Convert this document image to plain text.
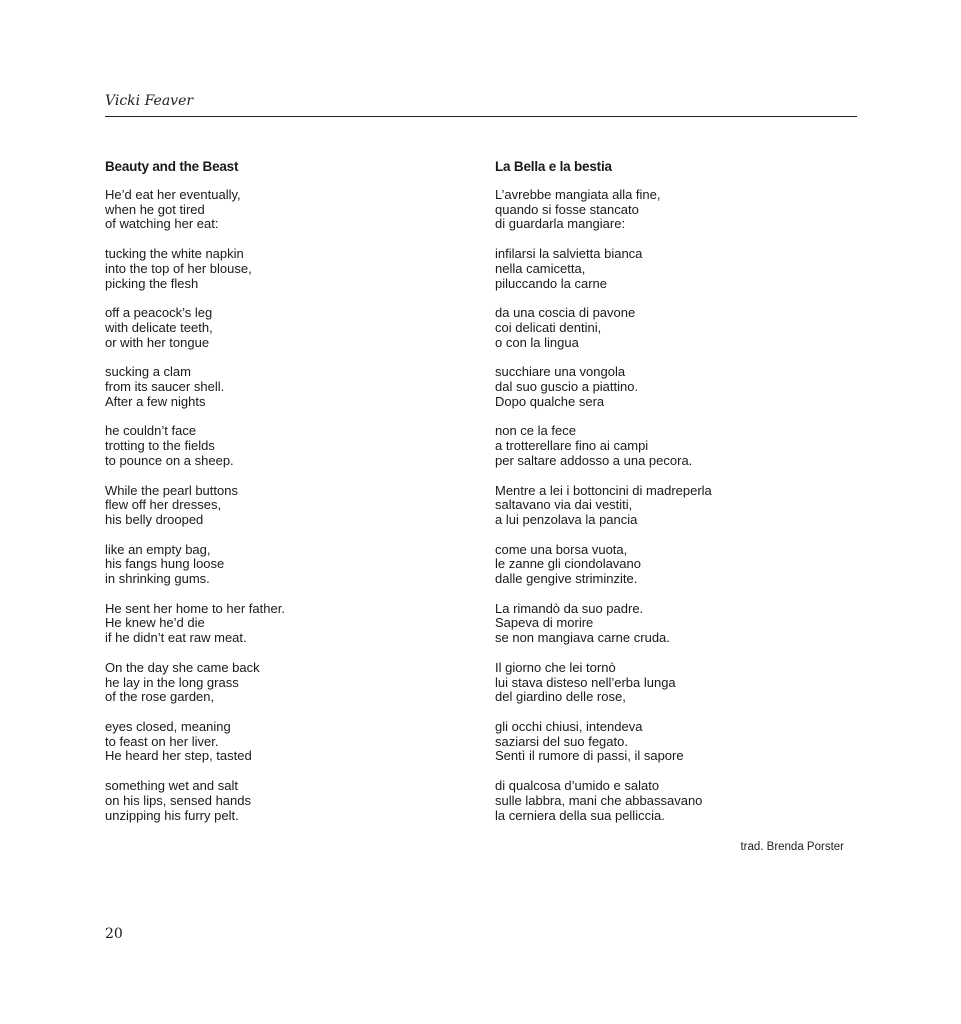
Vicki Feaver
Beauty and the Beast
He’d eat her eventually,
when he got tired
of watching her eat:
tucking the white napkin
into the top of her blouse,
picking the flesh
off a peacock’s leg
with delicate teeth,
or with her tongue
sucking a clam
from its saucer shell.
After a few nights
he couldn’t face
trotting to the fields
to pounce on a sheep.
While the pearl buttons
flew off her dresses,
his belly drooped
like an empty bag,
his fangs hung loose
in shrinking gums.
He sent her home to her father.
He knew he’d die
if he didn’t eat raw meat.
On the day she came back
he lay in the long grass
of the rose garden,
eyes closed, meaning
to feast on her liver.
He heard her step, tasted
something wet and salt
on his lips, sensed hands
unzipping his furry pelt.
La Bella e la bestia
L’avrebbe mangiata alla fine,
quando si fosse stancato
di guardarla mangiare:
infilarsi la salvietta bianca
nella camicetta,
piluccando la carne
da una coscia di pavone
coi delicati dentini,
o con la lingua
succhiare una vongola
dal suo guscio a piattino.
Dopo qualche sera
non ce la fece
a trotterellare fino ai campi
per saltare addosso a una pecora.
Mentre a lei i bottoncini di madreperla
saltavano via dai vestiti,
a lui penzolava la pancia
come una borsa vuota,
le zanne gli ciondolavano
dalle gengive striminzite.
La rimandò da suo padre.
Sapeva di morire
se non mangiava carne cruda.
Il giorno che lei tornò
lui stava disteso nell’erba lunga
del giardino delle rose,
gli occhi chiusi, intendeva
saziarsi del suo fegato.
Sentì il rumore di passi, il sapore
di qualcosa d’umido e salato
sulle labbra, mani che abbassavano
la cerniera della sua pelliccia.
trad. Brenda Porster
20
